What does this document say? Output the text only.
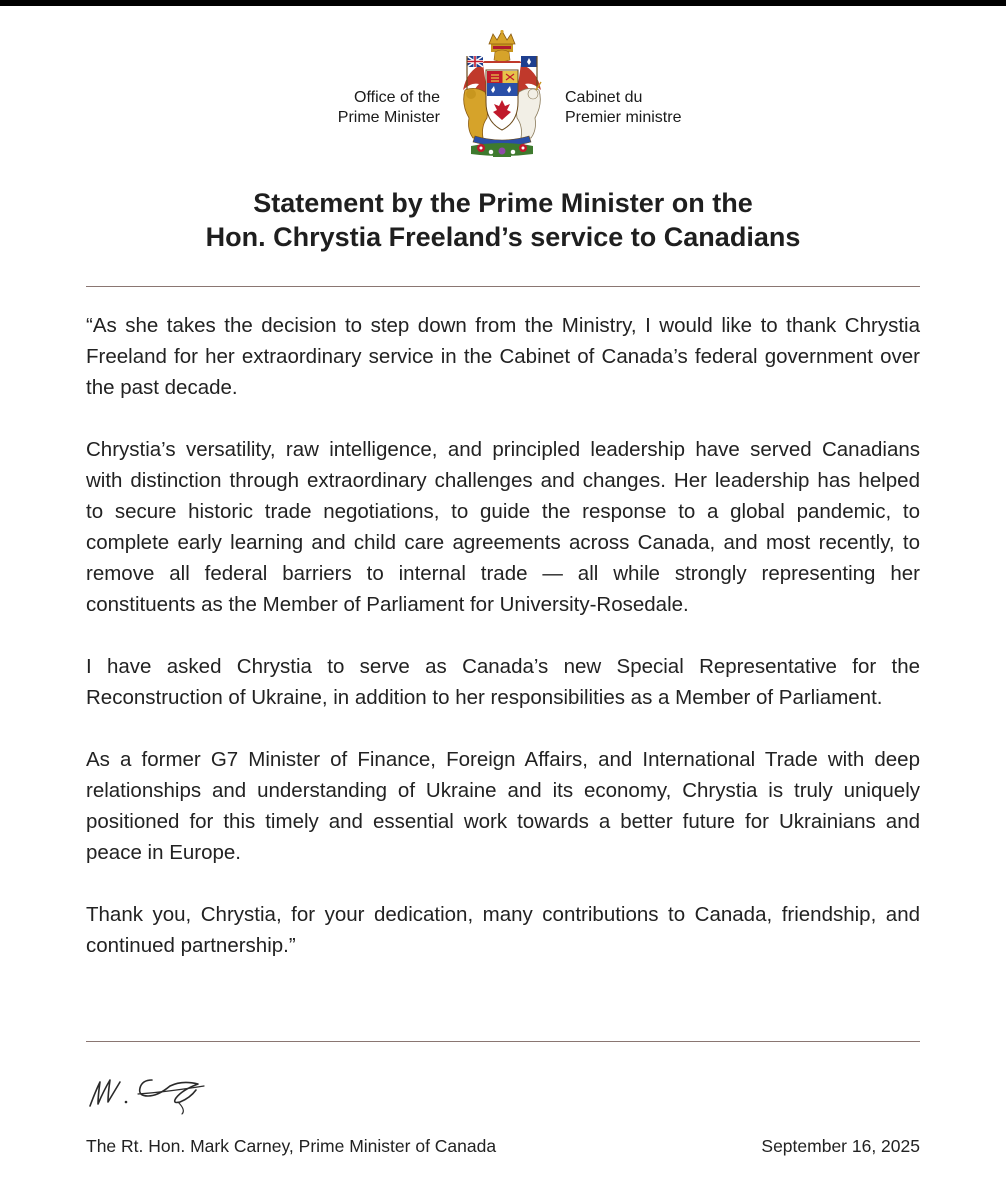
Office of the
Prime Minister
Cabinet du
Premier ministre
Statement by the Prime Minister on the
Hon. Chrystia Freeland’s service to Canadians

“As she takes the decision to step down from the Ministry, I would like to thank Chrystia Freeland for her extraordinary service in the Cabinet of Canada’s federal government over the past decade.

Chrystia’s versatility, raw intelligence, and principled leadership have served Canadians with distinction through extraordinary challenges and changes. Her leadership has helped to secure historic trade negotiations, to guide the response to a global pandemic, to complete early learning and child care agreements across Canada, and most recently, to remove all federal barriers to internal trade — all while strongly representing her constituents as the Member of Parliament for University-Rosedale.

I have asked Chrystia to serve as Canada’s new Special Representative for the Reconstruction of Ukraine, in addition to her responsibilities as a Member of Parliament.

As a former G7 Minister of Finance, Foreign Affairs, and International Trade with deep relationships and understanding of Ukraine and its economy, Chrystia is truly uniquely positioned for this timely and essential work towards a better future for Ukrainians and peace in Europe.

Thank you, Chrystia, for your dedication, many contributions to Canada, friendship, and continued partnership.”

The Rt. Hon. Mark Carney, Prime Minister of Canada	September 16, 2025
